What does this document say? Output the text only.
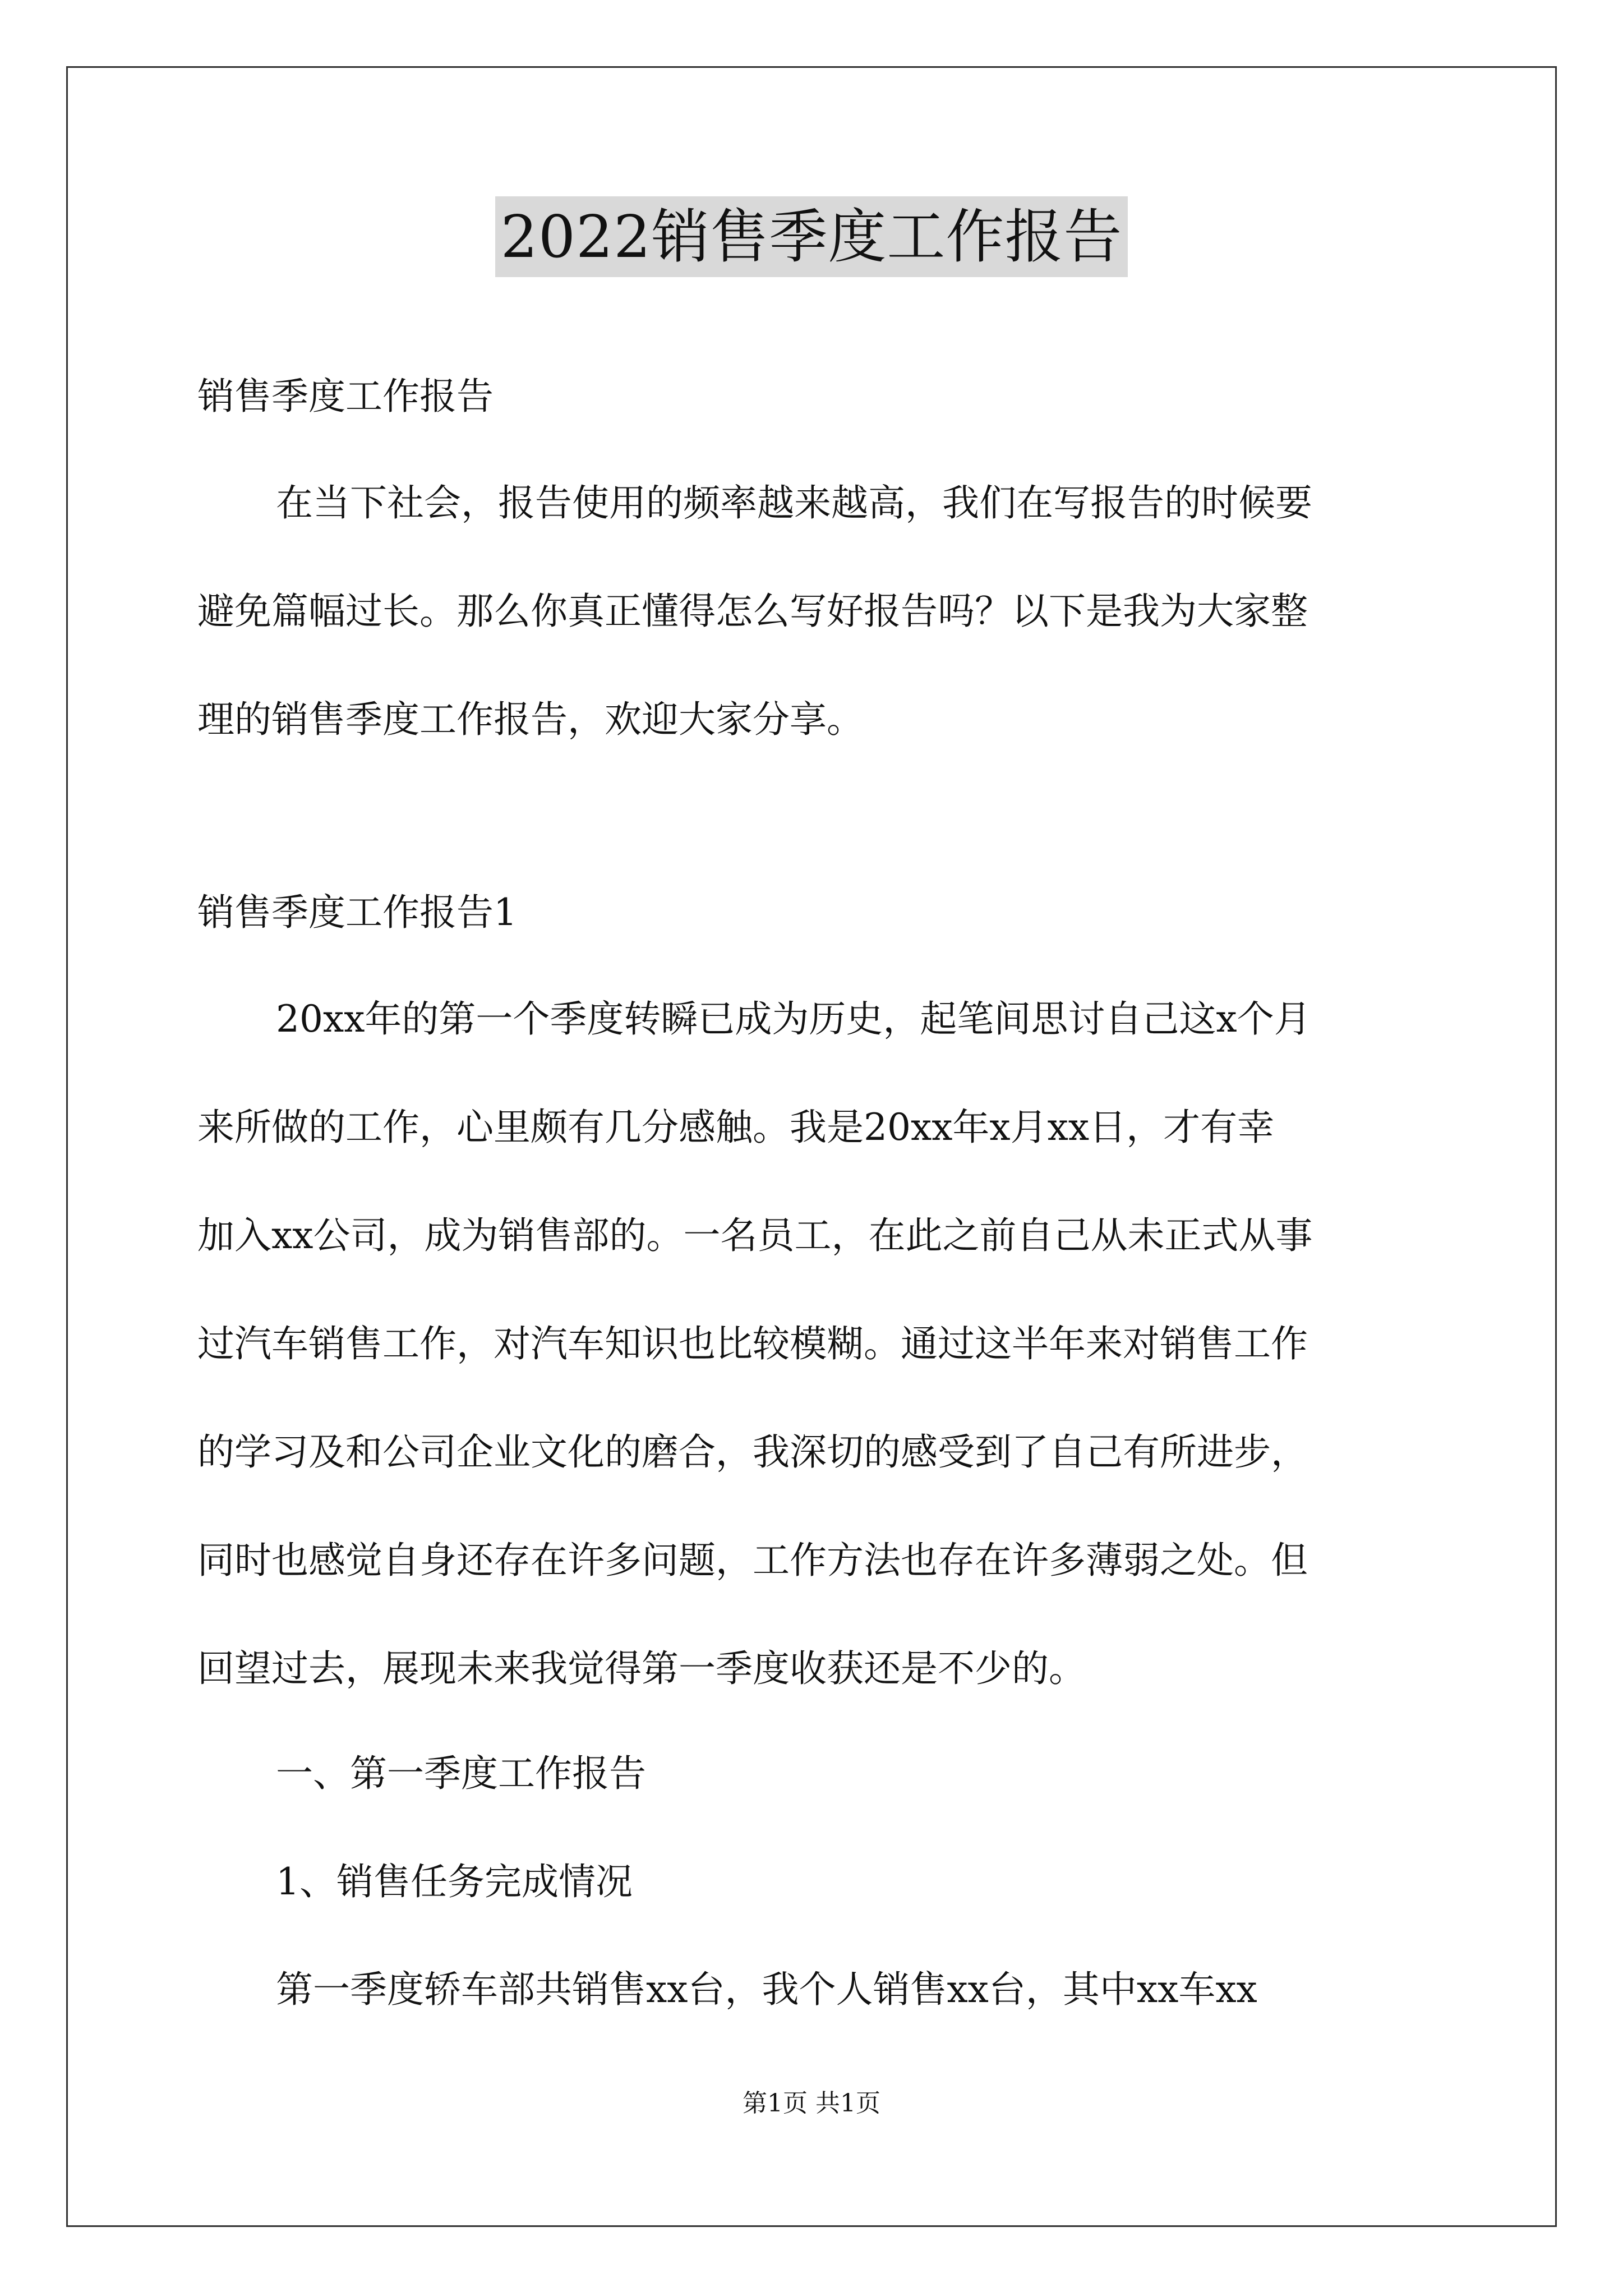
2022销售季度工作报告

销售季度工作报告

在当下社会，报告使用的频率越来越高，我们在写报告的时候要
避免篇幅过长。那么你真正懂得怎么写好报告吗？以下是我为大家整
理的销售季度工作报告，欢迎大家分享。

销售季度工作报告1

20xx年的第一个季度转瞬已成为历史，起笔间思讨自己这x个月
来所做的工作，心里颇有几分感触。我是20xx年x月xx日，才有幸
加入xx公司，成为销售部的。一名员工，在此之前自己从未正式从事
过汽车销售工作，对汽车知识也比较模糊。通过这半年来对销售工作
的学习及和公司企业文化的磨合，我深切的感受到了自己有所进步，
同时也感觉自身还存在许多问题，工作方法也存在许多薄弱之处。但
回望过去，展现未来我觉得第一季度收获还是不少的。

一、第一季度工作报告

1、销售任务完成情况

第一季度轿车部共销售xx台，我个人销售xx台，其中xx车xx

第1页 共1页
